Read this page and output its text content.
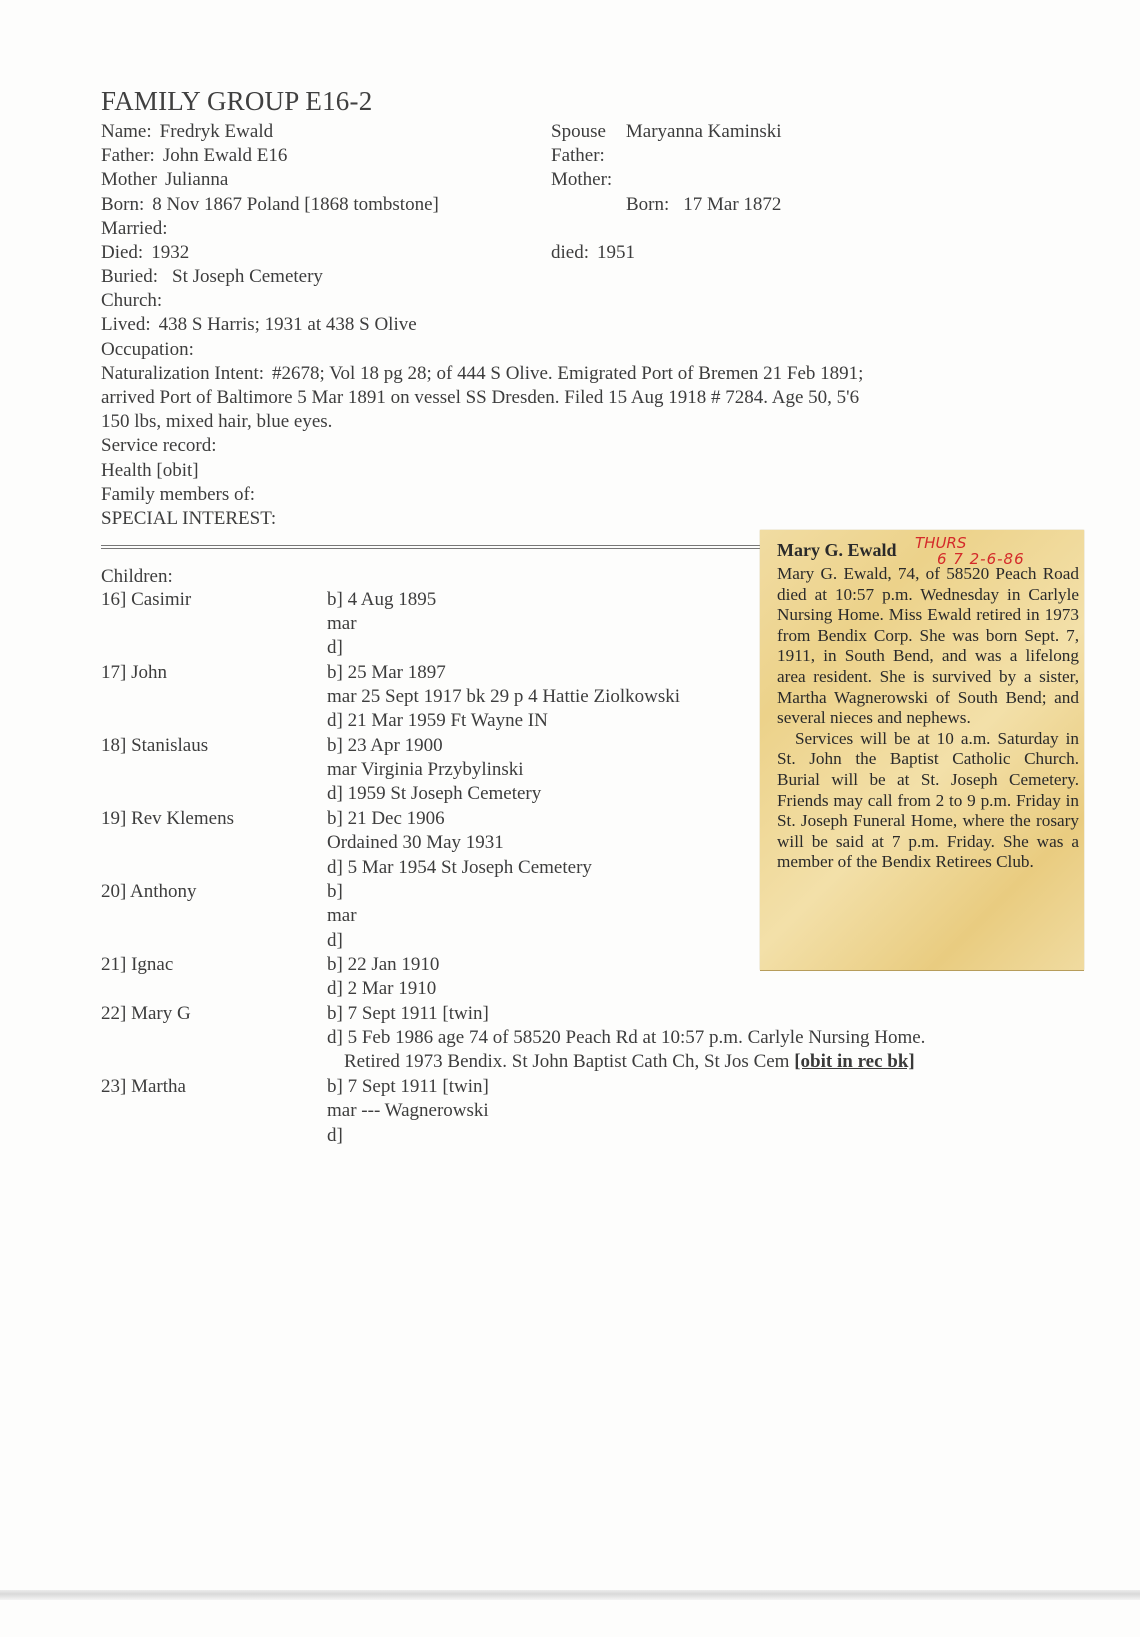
FAMILY GROUP E16-2
Name: Fredryk Ewald
Father: John Ewald E16
Mother Julianna
Born: 8 Nov 1867 Poland [1868 tombstone]
Married:
Died: 1932
Buried: St Joseph Cemetery
Church:
Lived: 438 S Harris; 1931 at 438 S Olive
Occupation:
Naturalization Intent: #2678; Vol 18 pg 28; of 444 S Olive. Emigrated Port of Bremen 21 Feb 1891;
arrived Port of Baltimore 5 Mar 1891 on vessel SS Dresden. Filed 15 Aug 1918 # 7284. Age 50, 5'6
150 lbs, mixed hair, blue eyes.
Service record:
Health [obit]
Family members of:
SPECIAL INTEREST:
Spouse Maryanna Kaminski
Father:
Mother:
Born: 17 Mar 1872
died: 1951
Children:
16] Casimir	b] 4 Aug 1895
mar
d]
17] John	b] 25 Mar 1897
mar 25 Sept 1917 bk 29 p 4 Hattie Ziolkowski
d] 21 Mar 1959 Ft Wayne IN
18] Stanislaus	b] 23 Apr 1900
mar Virginia Przybylinski
d] 1959 St Joseph Cemetery
19] Rev Klemens	b] 21 Dec 1906
Ordained 30 May 1931
d] 5 Mar 1954 St Joseph Cemetery
20] Anthony	b]
mar
d]
21] Ignac	b] 22 Jan 1910
d] 2 Mar 1910
22] Mary G	b] 7 Sept 1911 [twin]
d] 5 Feb 1986 age 74 of 58520 Peach Rd at 10:57 p.m. Carlyle Nursing Home.
Retired 1973 Bendix. St John Baptist Cath Ch, St Jos Cem [obit in rec bk]
23] Martha	b] 7 Sept 1911 [twin]
mar --- Wagnerowski
d]
Mary G. Ewald THURS
6 7 2-6-86

Mary G. Ewald, 74, of 58520 Peach Road died at 10:57 p.m. Wednesday in Carlyle Nursing Home. Miss Ewald retired in 1973 from Bendix Corp. She was born Sept. 7, 1911, in South Bend, and was a lifelong area resident. She is survived by a sister, Martha Wagnerowski of South Bend; and several nieces and nephews.

Services will be at 10 a.m. Saturday in St. John the Baptist Catholic Church. Burial will be at St. Joseph Cemetery. Friends may call from 2 to 9 p.m. Friday in St. Joseph Funeral Home, where the rosary will be said at 7 p.m. Friday. She was a member of the Bendix Retirees Club.
